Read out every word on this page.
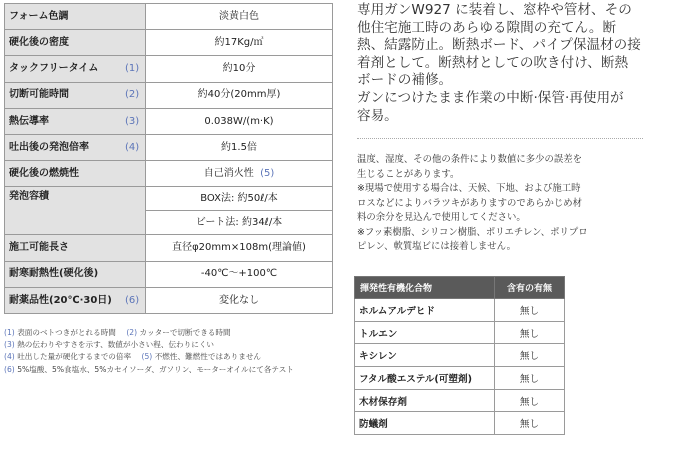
フォーム色調	淡黄白色

硬化後の密度	約17Kg/㎥

タックフリータイム (1)	約10分

切断可能時間 (2)	約40分(20mm厚)

熱伝導率 (3)	0.038W/(m·K)

吐出後の発泡倍率 (4)	約1.5倍

硬化後の燃焼性	自己消火性 (5)

発泡容積	BOX法: 約50ℓ/本
	ビート法: 約34ℓ/本

施工可能長さ	直径φ20mm×108m(理論値)

耐寒耐熱性(硬化後)	-40℃～+100℃

耐薬品性(20℃·30日) (6)	変化なし
(1) 表面のベトつきがとれる時間 (2) カッターで切断できる時間
(3) 熱の伝わりやすさを示す、数値が小さい程、伝わりにくい
(4) 吐出した量が硬化するまでの倍率 (5) 不燃性、難燃性ではありません
(6) 5%塩酸、5%食塩水、5%カセイソーダ、ガソリン、モーターオイルにて各テスト
専用ガンW927 に装着し、窓枠や管材、その
他住宅施工時のあらゆる隙間の充てん。断
熱、結露防止。断熱ボード、パイプ保温材の接
着剤として。断熱材としての吹き付け、断熱
ボードの補修。
ガンにつけたまま作業の中断·保管·再使用が
容易。
温度、湿度、その他の条件により数値に多少の誤差を
生じることがあります。
※現場で使用する場合は、天候、下地、および施工時
ロスなどによりバラツキがありますのであらかじめ材
料の余分を見込んで使用してください。
※フッ素樹脂、シリコン樹脂、ポリエチレン、ポリプロ
ピレン、軟質塩ビには接着しません。
揮発性有機化合物	含有の有無
ホルムアルデヒド	無し
トルエン	無し
キシレン	無し
フタル酸エステル(可塑剤)	無し
木材保存剤	無し
防蟻剤	無し
